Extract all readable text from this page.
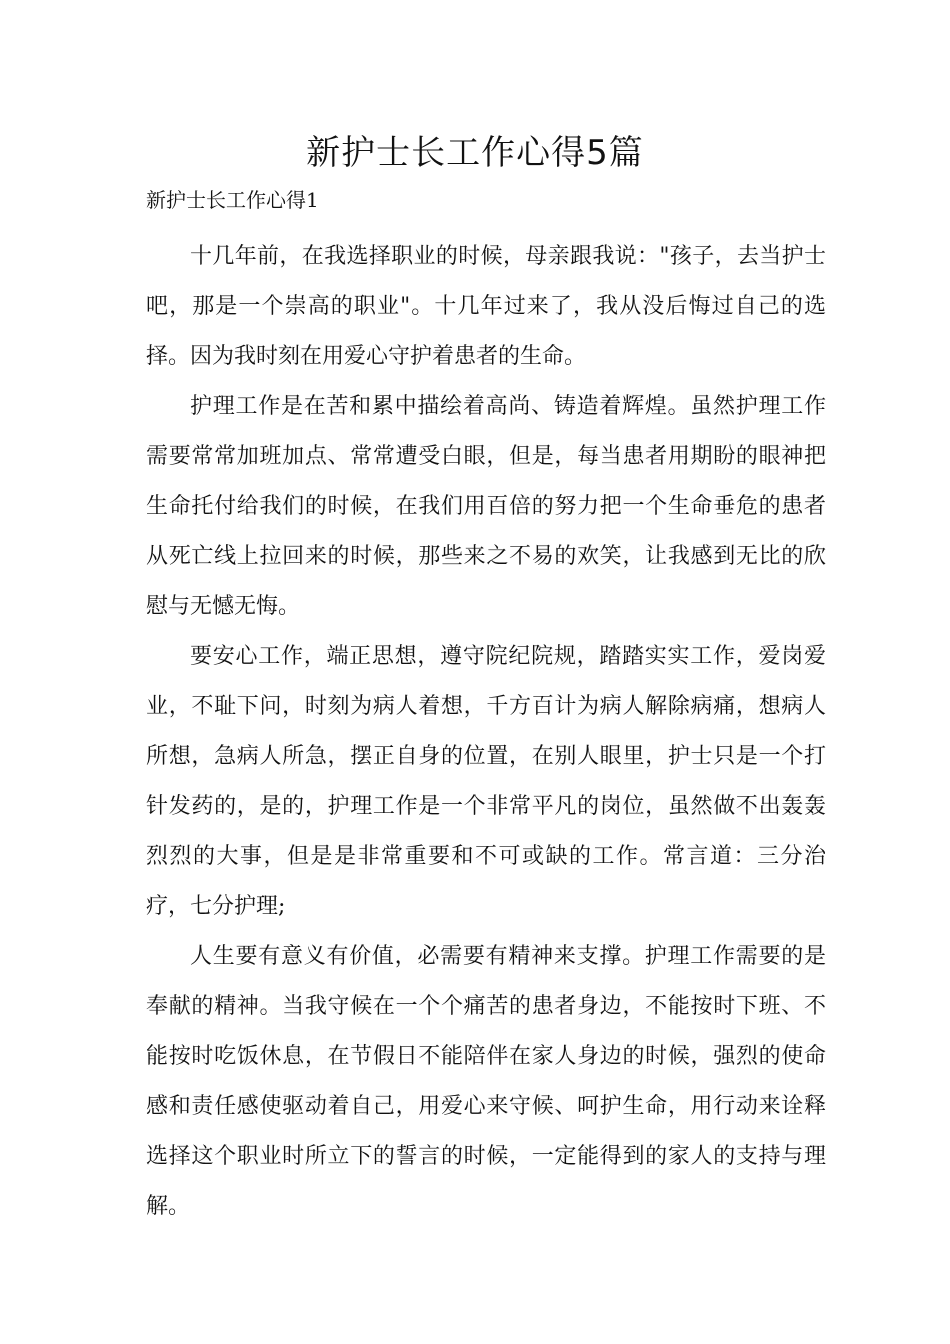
新护士长工作心得5篇

新护士长工作心得1

十几年前，在我选择职业的时候，母亲跟我说："孩子，去当护士吧，那是一个崇高的职业"。十几年过来了，我从没后悔过自己的选择。因为我时刻在用爱心守护着患者的生命。

护理工作是在苦和累中描绘着高尚、铸造着辉煌。虽然护理工作需要常常加班加点、常常遭受白眼，但是，每当患者用期盼的眼神把生命托付给我们的时候，在我们用百倍的努力把一个生命垂危的患者从死亡线上拉回来的时候，那些来之不易的欢笑，让我感到无比的欣慰与无憾无悔。

要安心工作，端正思想，遵守院纪院规，踏踏实实工作，爱岗爱业，不耻下问，时刻为病人着想，千方百计为病人解除病痛，想病人所想，急病人所急，摆正自身的位置，在别人眼里，护士只是一个打针发药的，是的，护理工作是一个非常平凡的岗位，虽然做不出轰轰烈烈的大事，但是是非常重要和不可或缺的工作。常言道：三分治疗，七分护理;

人生要有意义有价值，必需要有精神来支撑。护理工作需要的是奉献的精神。当我守候在一个个痛苦的患者身边，不能按时下班、不能按时吃饭休息，在节假日不能陪伴在家人身边的时候，强烈的使命感和责任感使驱动着自己，用爱心来守候、呵护生命，用行动来诠释选择这个职业时所立下的誓言的时候，一定能得到的家人的支持与理解。
